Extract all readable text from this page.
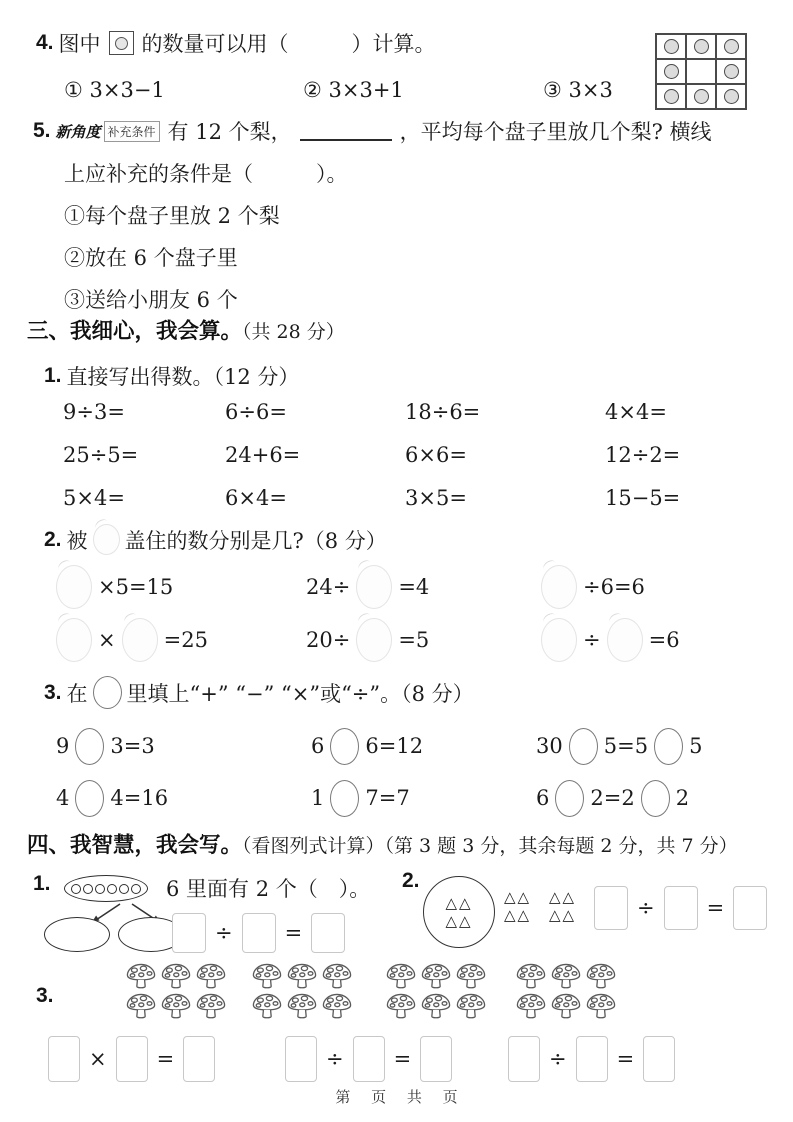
4. 图中 的数量可以用（　　　）计算。
① 3×3−1	② 3×3+1	③ 3×3
5. 新角度 补充条件 有 12 个梨，	，平均每个盘子里放几个梨? 横线
上应补充的条件是（　　　）。
①每个盘子里放 2 个梨
②放在 6 个盘子里
③送给小朋友 6 个
三、我细心，我会算。（共 28 分）
1. 直接写出得数。（12 分）
9÷3=	6÷6=	18÷6=	4×4=
25÷5=	24+6=	6×6=	12÷2=
5×4=	6×4=	3×5=	15−5=
2. 被 盖住的数分别是几?（8 分）
×5=15	24÷ =4	÷6=6
× =25	20÷ =5	÷ =6
3. 在 里填上“+” “−” “×”或“÷”。（8 分）
9 3=3	6 6=12	30 5=5 5
4 4=16	1 7=7	6 2=2 2
四、我智慧，我会写。（看图列式计算）（第 3 题 3 分，其余每题 2 分，共 7 分）
1.	6 里面有 2 个（　）。
÷ =
2.
△△
△△
△△
△△
△△
△△	÷ =
3.
× =	÷ =	÷ =
第 页 共 页
